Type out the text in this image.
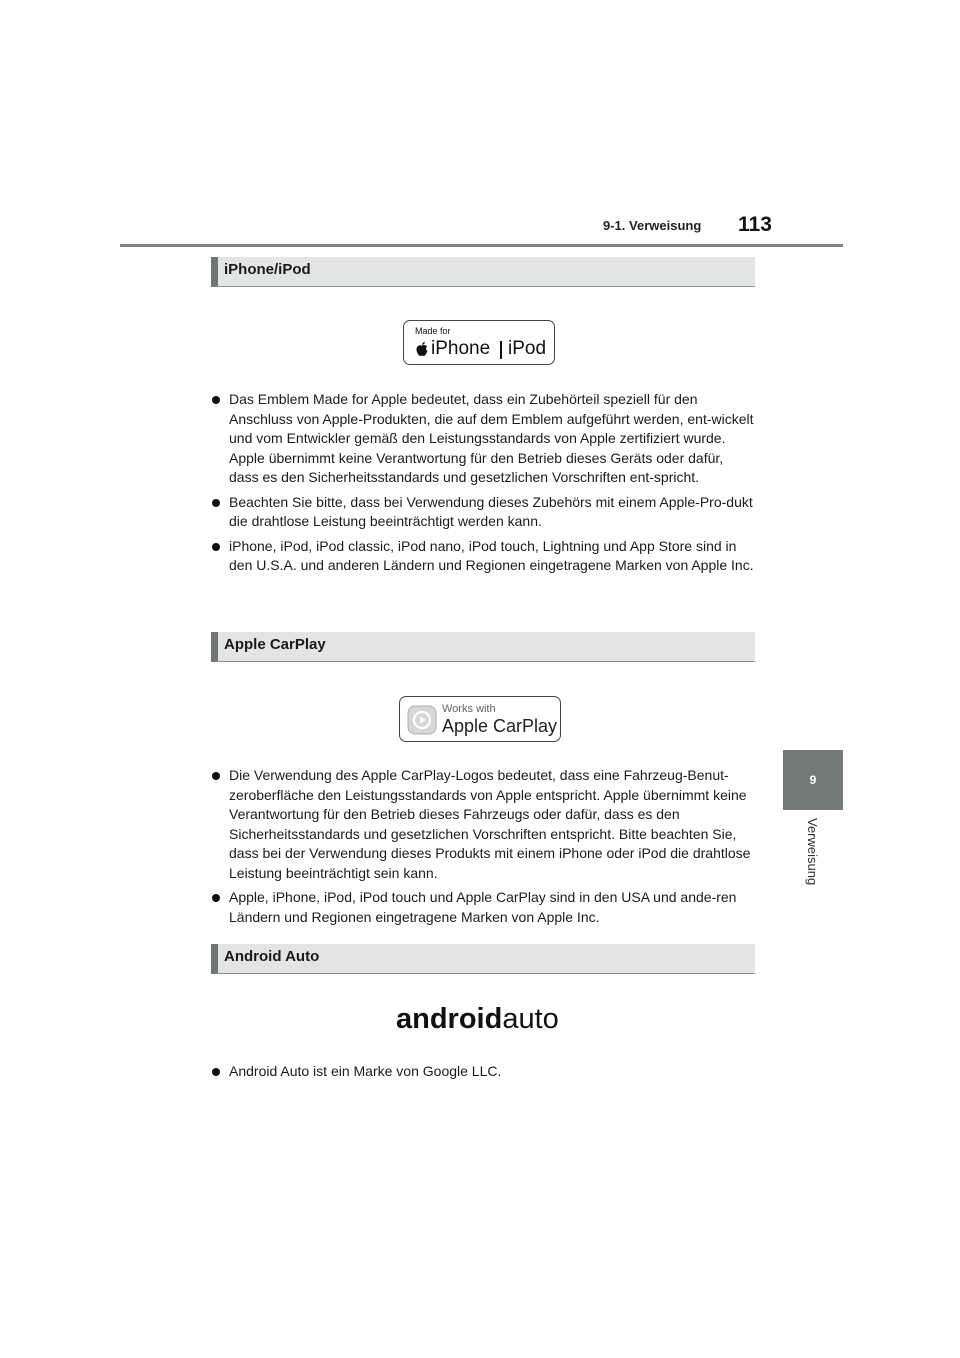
9-1. Verweisung 113
9
Verweisung
iPhone/iPod
Made for
iPhone iPod
Das Emblem Made for Apple bedeutet, dass ein Zubehörteil speziell für den Anschluss von Apple-Produkten, die auf dem Emblem aufgeführt werden, ent-wickelt und vom Entwickler gemäß den Leistungsstandards von Apple zertifiziert wurde. Apple übernimmt keine Verantwortung für den Betrieb dieses Geräts oder dafür, dass es den Sicherheitsstandards und gesetzlichen Vorschriften ent-spricht.
Beachten Sie bitte, dass bei Verwendung dieses Zubehörs mit einem Apple-Pro-dukt die drahtlose Leistung beeinträchtigt werden kann.
iPhone, iPod, iPod classic, iPod nano, iPod touch, Lightning und App Store sind in den U.S.A. und anderen Ländern und Regionen eingetragene Marken von Apple Inc.
Apple CarPlay
Works with
Apple CarPlay
Die Verwendung des Apple CarPlay-Logos bedeutet, dass eine Fahrzeug-Benut-zeroberfläche den Leistungsstandards von Apple entspricht. Apple übernimmt keine Verantwortung für den Betrieb dieses Fahrzeugs oder dafür, dass es den Sicherheitsstandards und gesetzlichen Vorschriften entspricht. Bitte beachten Sie, dass bei der Verwendung dieses Produkts mit einem iPhone oder iPod die drahtlose Leistung beeinträchtigt sein kann.
Apple, iPhone, iPod, iPod touch und Apple CarPlay sind in den USA und ande-ren Ländern und Regionen eingetragene Marken von Apple Inc.
Android Auto
androidauto
Android Auto ist ein Marke von Google LLC.
